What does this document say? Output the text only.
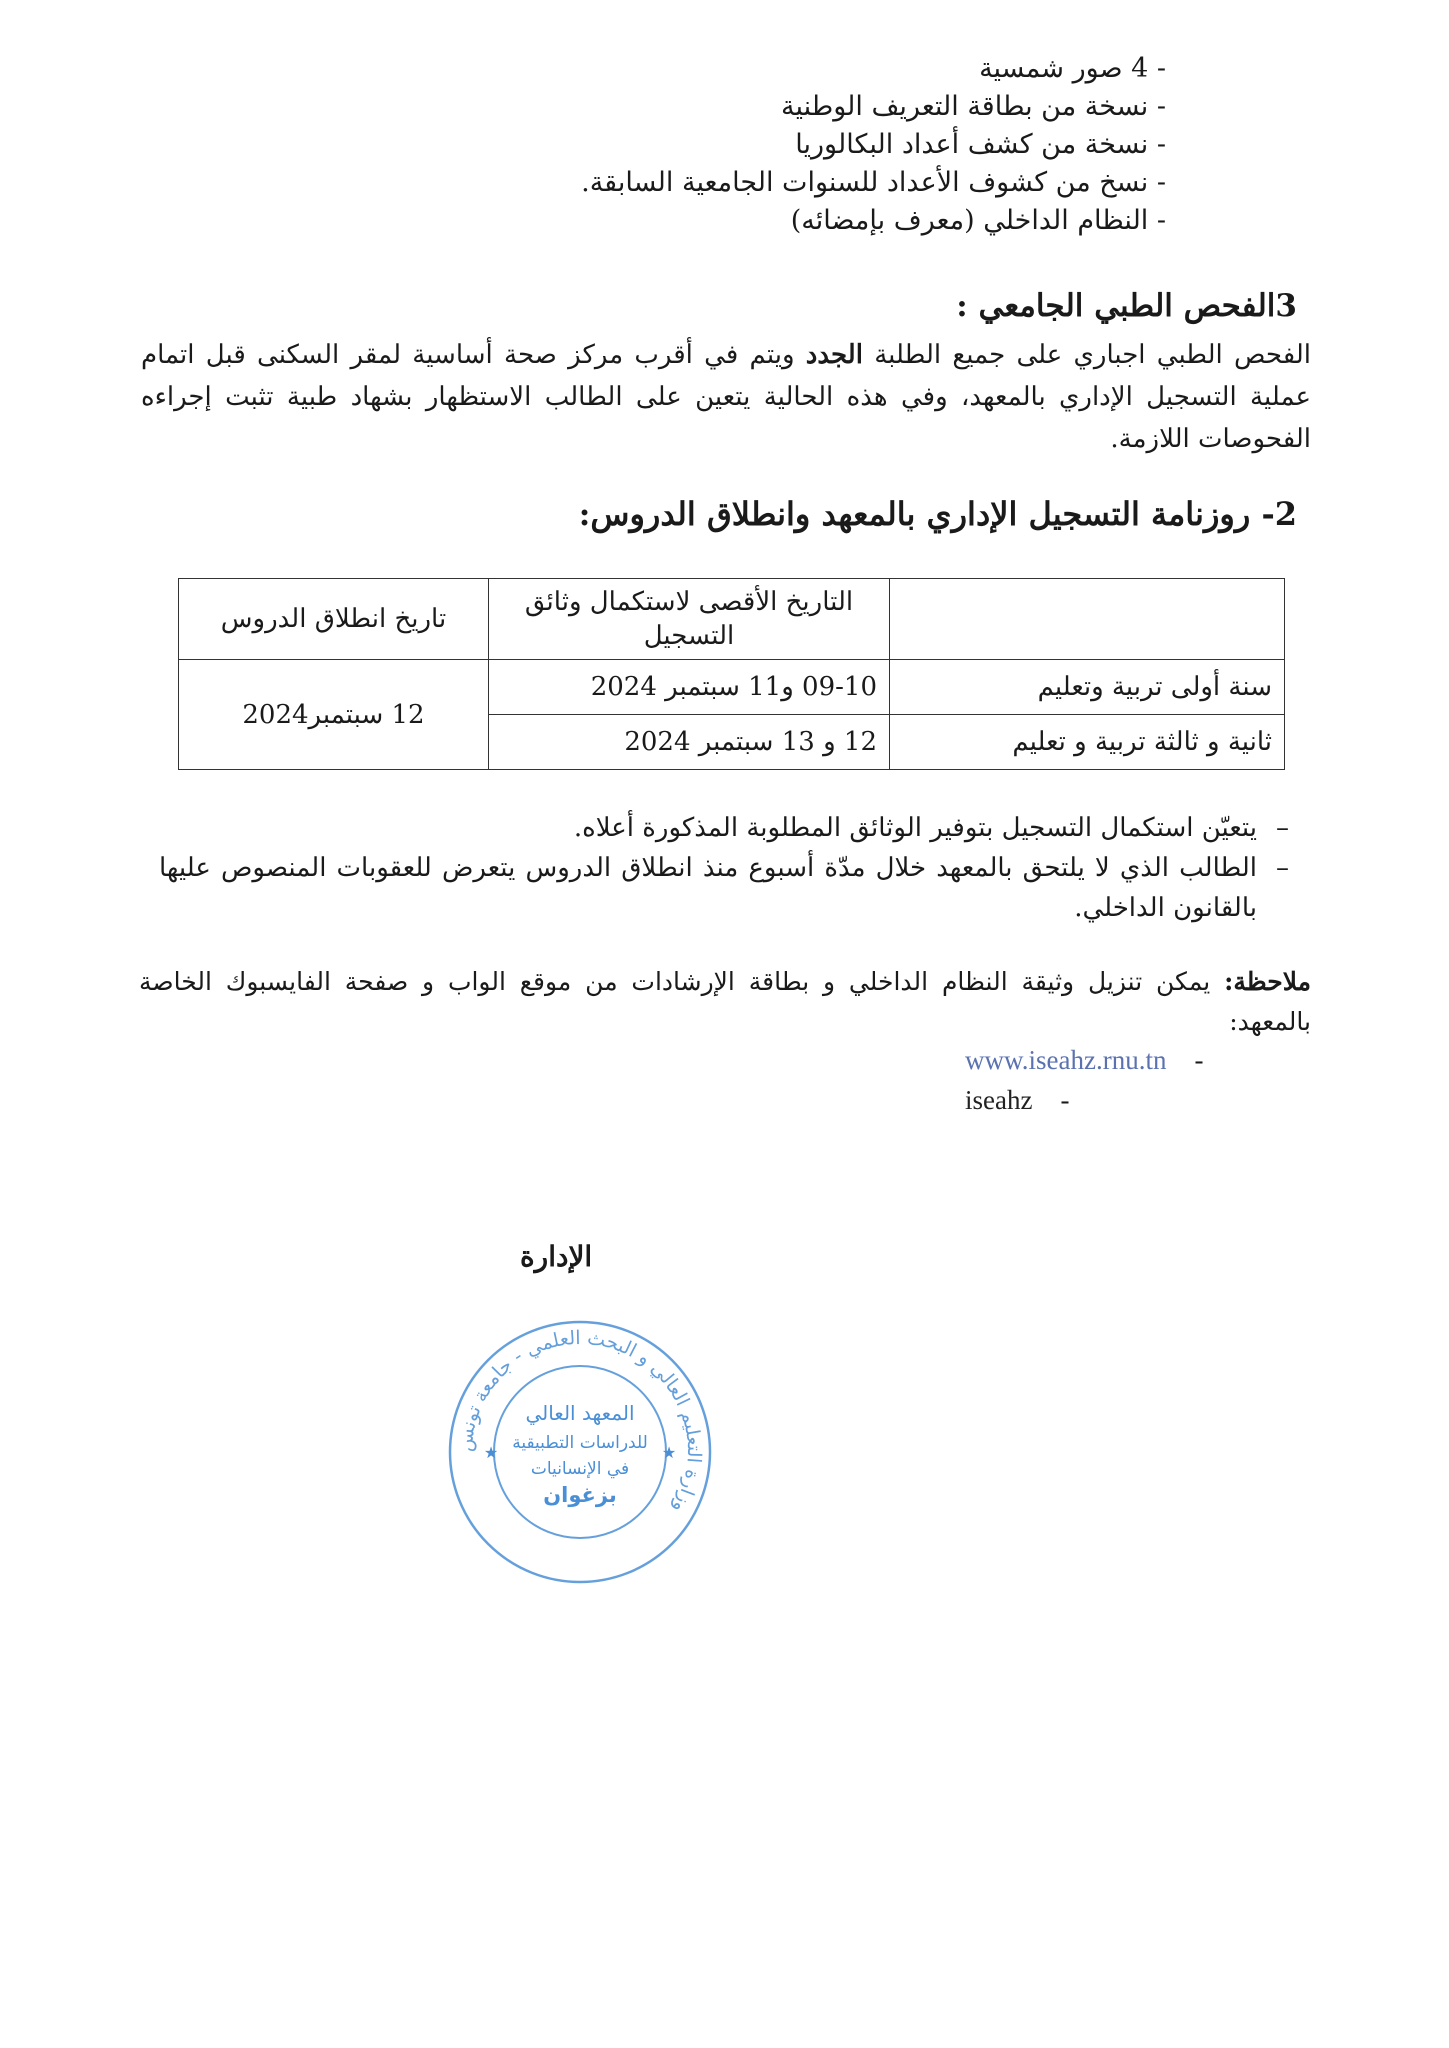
- 4 صور شمسية
- نسخة من بطاقة التعريف الوطنية
- نسخة من كشف أعداد البكالوريا
- نسخ من كشوف الأعداد للسنوات الجامعية السابقة.
- النظام الداخلي (معرف بإمضائه)
3الفحص الطبي الجامعي :
الفحص الطبي اجباري على جميع الطلبة الجدد ويتم في أقرب مركز صحة أساسية لمقر السكنى قبل اتمام عملية التسجيل الإداري بالمعهد، وفي هذه الحالية يتعين على الطالب الاستظهار بشهاد طبية تثبت إجراءه الفحوصات اللازمة.
2- روزنامة التسجيل الإداري بالمعهد وانطلاق الدروس:
	التاريخ الأقصى لاستكمال وثائق التسجيل	تاريخ انطلاق الدروس
سنة أولى تربية وتعليم	09-10 و11 سبتمبر 2024	12 سبتمبر2024
ثانية و ثالثة تربية و تعليم	12 و 13 سبتمبر 2024	
–
يتعيّن استكمال التسجيل بتوفير الوثائق المطلوبة المذكورة أعلاه.
–
الطالب الذي لا يلتحق بالمعهد خلال مدّة أسبوع منذ انطلاق الدروس يتعرض للعقوبات المنصوص عليها بالقانون الداخلي.
ملاحظة: يمكن تنزيل وثيقة النظام الداخلي و بطاقة الإرشادات من موقع الواب و صفحة الفايسبوك الخاصة بالمعهد:
www.iseahz.rnu.tn -
iseahz -
الإدارة
وزارة التعليم العالي و البحث العلمي - جامعة تونس
★
★
المعهد العالي
للدراسات التطبيقية
في الإنسانيات
بزغوان
